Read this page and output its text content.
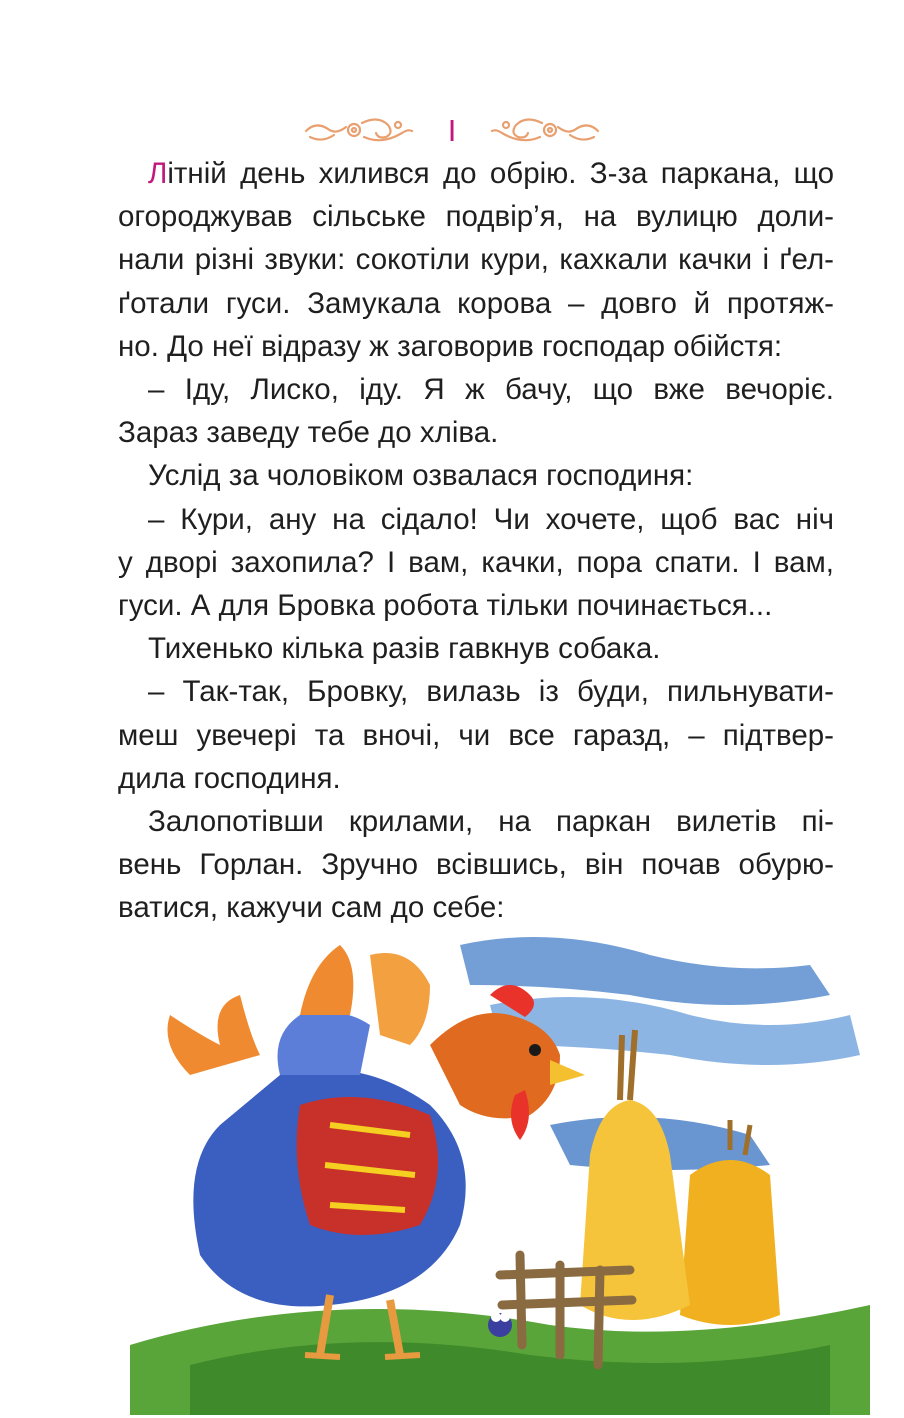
I
Літній день хилився до обрію. З-за паркана, що
огороджував сільське подвір’я, на вулицю доли-
нали різні звуки: сокотіли кури, кахкали качки і ґел-
ґотали гуси. Замукала корова – довго й протяж-
но. До неї відразу ж заговорив господар обійстя:
– Іду, Лиско, іду. Я ж бачу, що вже вечоріє.
Зараз заведу тебе до хліва.
Услід за чоловіком озвалася господиня:
– Кури, ану на сідало! Чи хочете, щоб вас ніч
у дворі захопила? І вам, качки, пора спати. І вам,
гуси. А для Бровка робота тільки починається...
Тихенько кілька разів гавкнув собака.
– Так-так, Бровку, вилазь із буди, пильнувати-
меш увечері та вночі, чи все гаразд, – підтвер-
дила господиня.
Залопотівши крилами, на паркан вилетів пі-
вень Горлан. Зручно всівшись, він почав обурю-
ватися, кажучи сам до себе:
